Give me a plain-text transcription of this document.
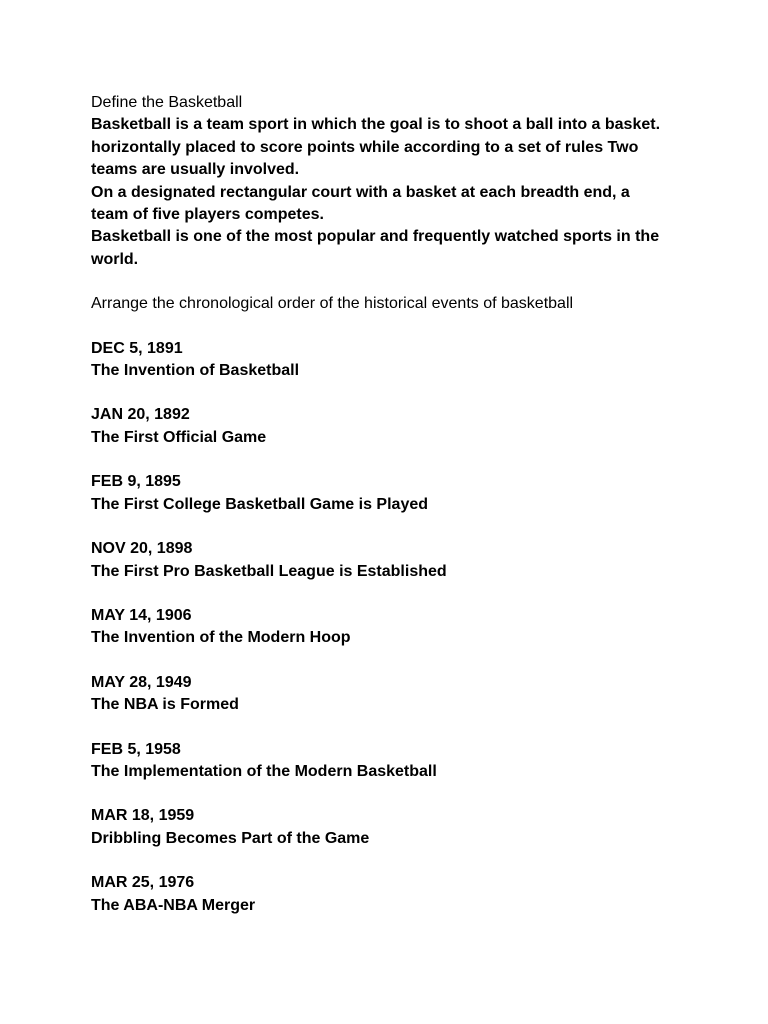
Define the Basketball

Basketball is a team sport in which the goal is to shoot a ball into a basket.
horizontally placed to score points while according to a set of rules Two
teams are usually involved.
On a designated rectangular court with a basket at each breadth end, a
team of five players competes.
Basketball is one of the most popular and frequently watched sports in the
world.

Arrange the chronological order of the historical events of basketball

DEC 5, 1891
The Invention of Basketball
JAN 20, 1892
The First Official Game
FEB 9, 1895
The First College Basketball Game is Played
NOV 20, 1898
The First Pro Basketball League is Established
MAY 14, 1906
The Invention of the Modern Hoop
MAY 28, 1949
The NBA is Formed
FEB 5, 1958
The Implementation of the Modern Basketball
MAR 18, 1959
Dribbling Becomes Part of the Game
MAR 25, 1976
The ABA-NBA Merger
